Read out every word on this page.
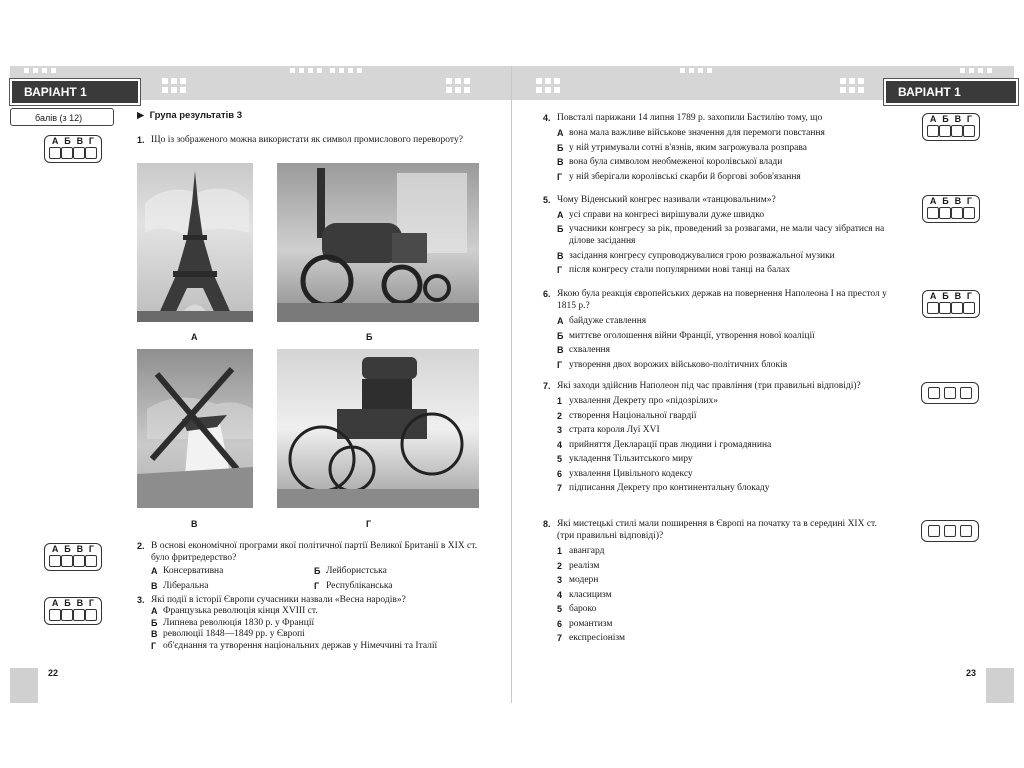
ВАРІАНТ 1
балів (з 12)	▶  Група результатів 3
А Б В Г	1. Що із зображеного можна використати як символ промислового перевороту?
А	Б
В	Г
А Б В Г	2. В основі економічної програми якої політичної партії Великої Британії в ХІХ ст. було фритредерство?
А Консервативна	Б Лейбористська
В Ліберальна	Г Республіканська
А Б В Г	3. Які події в історії Європи сучасники назвали «Весна народів»?
А Французька революція кінця XVIII ст.
Б Липнева революція 1830 р. у Франції
В революції 1848—1849 рр. у Європі
Г об'єднання та утворення національних держав у Німеччині та Італії
22
ВАРІАНТ 1
4. Повсталі парижани 14 липня 1789 р. захопили Бастилію тому, що
А вона мала важливе військове значення для перемоги повстання
Б у ній утримували сотні в'язнів, яким загрожувала розправа
В вона була символом необмеженої королівської влади
Г у ній зберігали королівські скарби й боргові зобов'язання
А Б В Г
5. Чому Віденський конгрес називали «танцювальним»?
А усі справи на конгресі вирішували дуже швидко
Б учасники конгресу за рік, проведений за розвагами, не мали часу зібратися на ділове засідання
В засідання конгресу супроводжувалися грою розважальної музики
Г після конгресу стали популярними нові танці на балах
А Б В Г
6. Якою була реакція європейських держав на повернення Наполеона І на престол у 1815 р.?
А байдуже ставлення
Б миттєве оголошення війни Франції, утворення нової коаліції
В схвалення
Г утворення двох ворожих військово-політичних блоків
А Б В Г
7. Які заходи здійснив Наполеон під час правління (три правильні відповіді)?
1 ухвалення Декрету про «підозрілих»
2 створення Національної гвардії
3 страта короля Луї XVI
4 прийняття Декларації прав людини і громадянина
5 укладення Тільзитського миру
6 ухвалення Цивільного кодексу
7 підписання Декрету про континентальну блокаду
8. Які мистецькі стилі мали поширення в Європі на початку та в середині ХІХ ст. (три правильні відповіді)?
1 авангард
2 реалізм
3 модерн
4 класицизм
5 бароко
6 романтизм
7 експресіонізм
23
